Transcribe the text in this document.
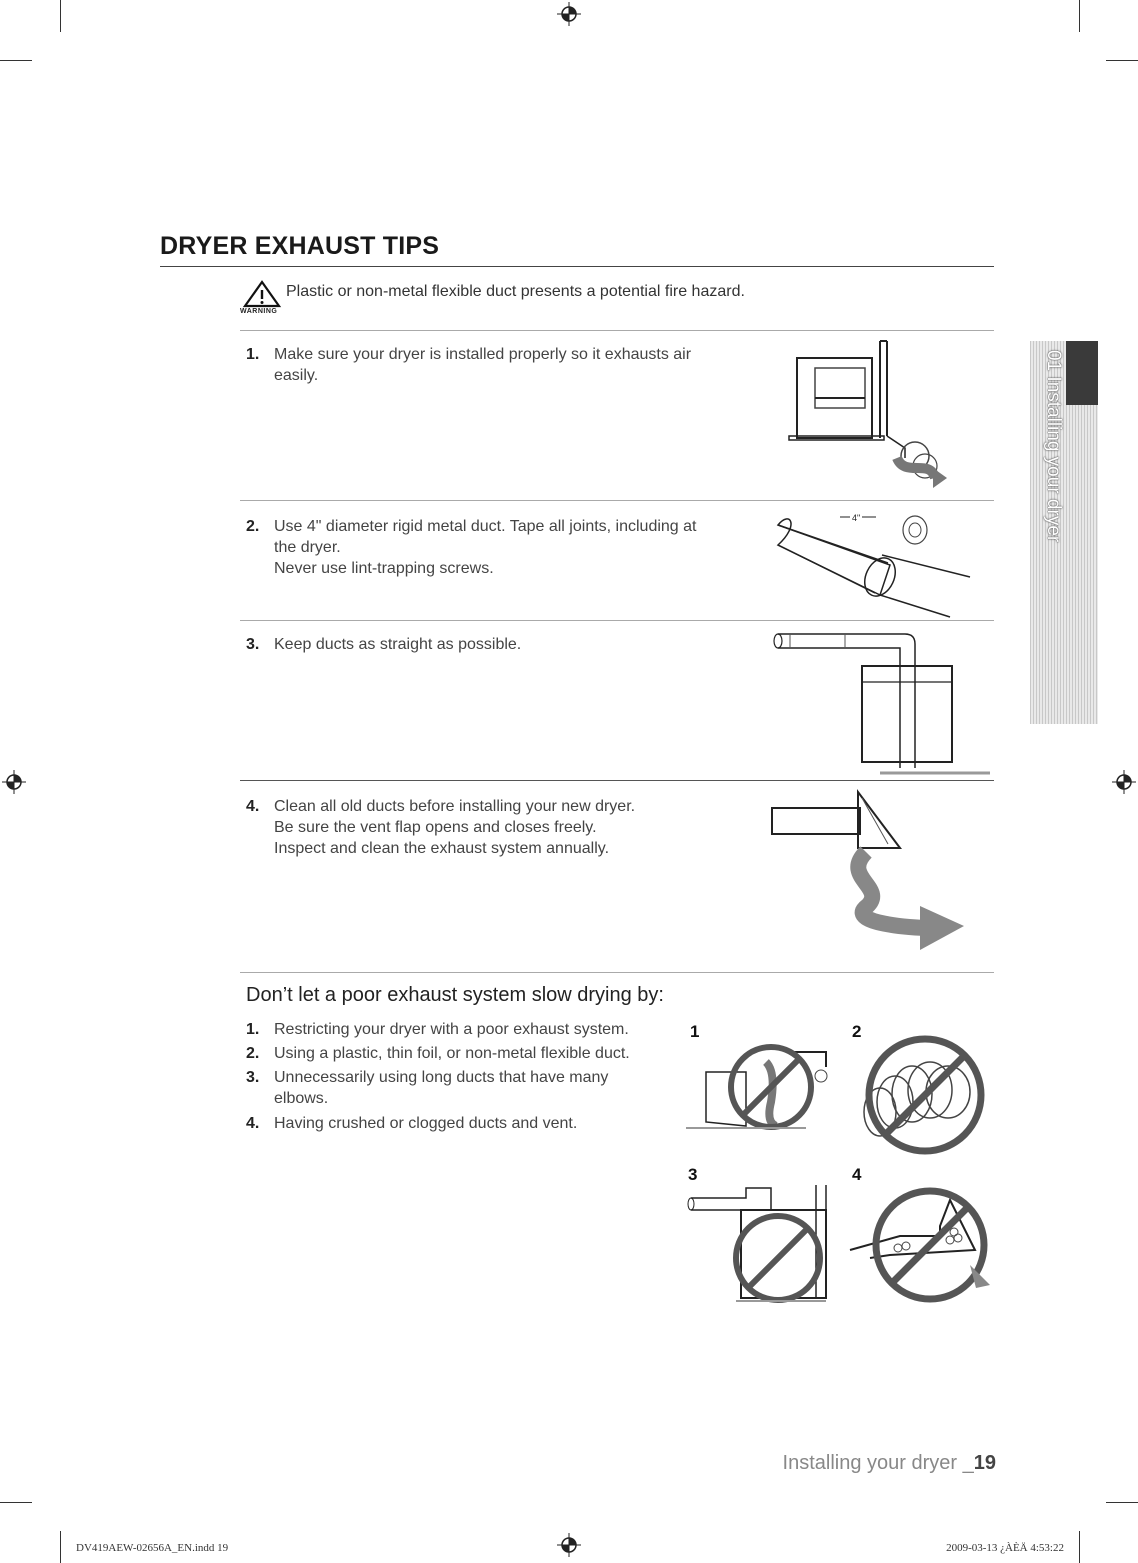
DRYER EXHAUST TIPS
WARNING
Plastic or non-metal flexible duct presents a potential fire hazard.
1. Make sure your dryer is installed properly so it exhausts air
easily.
2. Use 4" diameter rigid metal duct. Tape all joints, including at
the dryer.
Never use lint-trapping screws.
4"
3. Keep ducts as straight as possible.
4. Clean all old ducts before installing your new dryer.
Be sure the vent flap opens and closes freely.
Inspect and clean the exhaust system annually.
Don’t let a poor exhaust system slow drying by:
1. Restricting your dryer with a poor exhaust system.
2. Using a plastic, thin foil, or non-metal flexible duct.
3. Unnecessarily using long ducts that have many
elbows.
4. Having crushed or clogged ducts and vent.
1	2
3	4
01 Installing your dryer
Installing your dryer _19
DV419AEW-02656A_EN.indd 19	2009-03-13 ¿ÀÈÄ 4:53:22
